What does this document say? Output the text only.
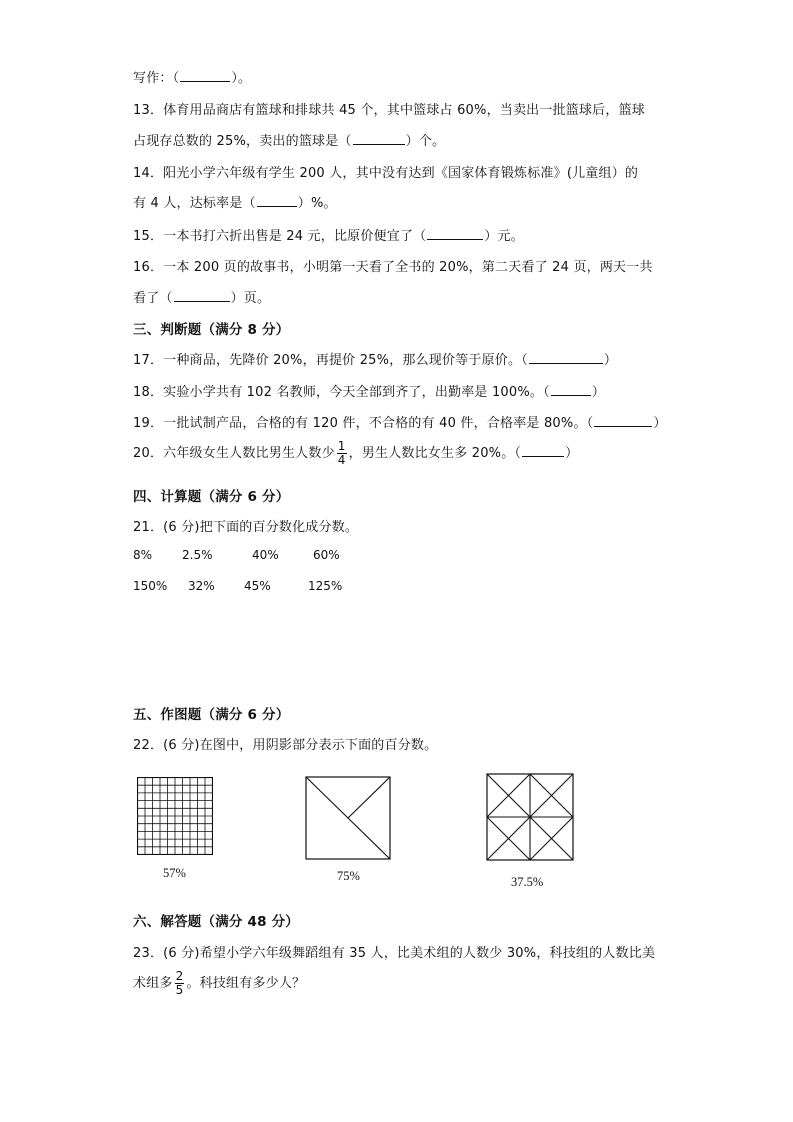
写作：（	）。
13．体育用品商店有篮球和排球共 45 个，其中篮球占 60%，当卖出一批篮球后，篮球
占现存总数的 25%，卖出的篮球是（	）个。
14．阳光小学六年级有学生 200 人，其中没有达到《国家体育锻炼标准》(儿童组）的
有 4 人，达标率是（	）%。
15．一本书打六折出售是 24 元，比原价便宜了（	）元。
16．一本 200 页的故事书，小明第一天看了全书的 20%，第二天看了 24 页，两天一共
看了（	）页。
三、判断题（满分 8 分）
17．一种商品，先降价 20%，再提价 25%，那么现价等于原价。（	）
18．实验小学共有 102 名教师，今天全部到齐了，出勤率是 100%。（	）
19．一批试制产品，合格的有 120 件，不合格的有 40 件，合格率是 80%。（	）
20．六年级女生人数比男生人数少 $\frac{1}{4}$ ，男生人数比女生多 20%。（	）
四、计算题（满分 6 分）
21．(6 分)把下面的百分数化成分数。
8% 2.5%	40%	60%
150% 32% 45%	125%
五、作图题（满分 6 分）
22．(6 分)在图中，用阴影部分表示下面的百分数。
57%	75%	37.5%
六、解答题（满分 48 分）
23．(6 分)希望小学六年级舞蹈组有 35 人，比美术组的人数少 30%，科技组的人数比美
术组多 $\frac{2}{5}$ 。科技组有多少人？
